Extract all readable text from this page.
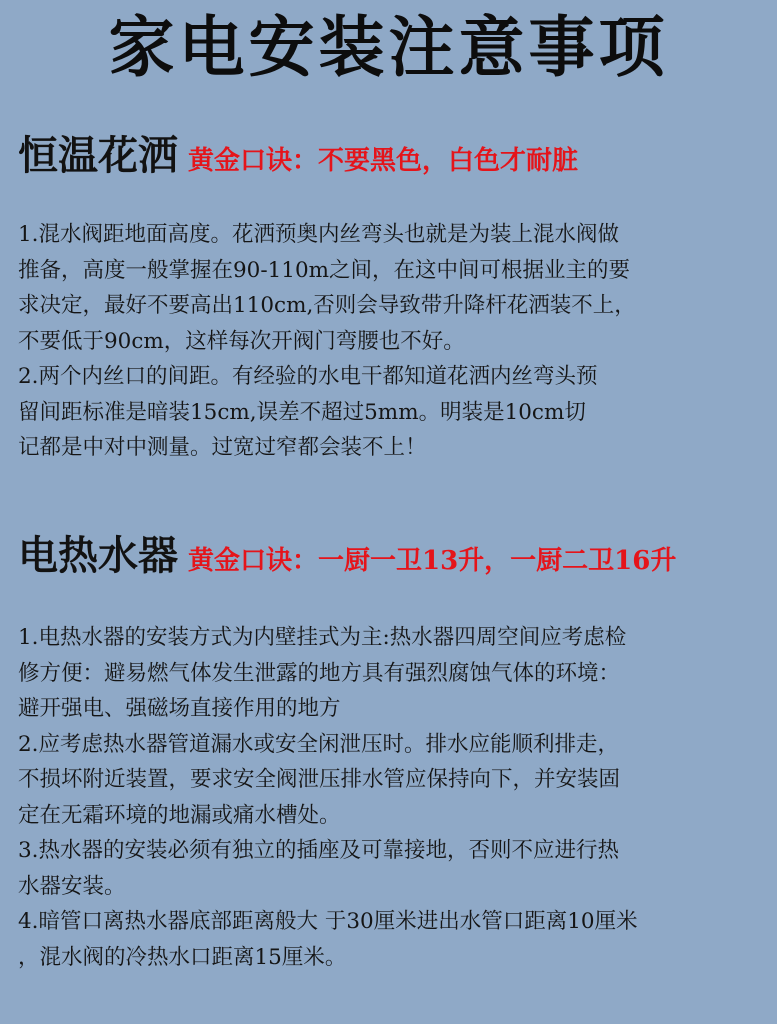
家电安装注意事项
恒温花洒 黄金口诀：不要黑色，白色才耐脏
1.混水阀距地面高度。花洒预奥内丝弯头也就是为装上混水阀做
推备，高度一般掌握在90-110m之间，在这中间可根据业主的要
求决定，最好不要高出110cm,否则会导致带升降杆花洒装不上，
不要低于90cm，这样每次开阀门弯腰也不好。
2.两个内丝口的间距。有经验的水电干都知道花洒内丝弯头预
留间距标准是暗装15cm,误差不超过5mm。明装是10cm切
记都是中对中测量。过宽过窄都会装不上！
电热水器 黄金口诀：一厨一卫13升，一厨二卫16升
1.电热水器的安装方式为内壁挂式为主:热水器四周空间应考虑检
修方便：避易燃气体发生泄露的地方具有强烈腐蚀气体的环境：
避开强电、强磁场直接作用的地方
2.应考虑热水器管道漏水或安全闲泄压时。排水应能顺利排走，
不损坏附近装置，要求安全阀泄压排水管应保持向下，并安装固
定在无霜环境的地漏或痛水槽处。
3.热水器的安装必须有独立的插座及可靠接地，否则不应进行热
水器安装。
4.暗管口离热水器底部距离般大 于30厘米进出水管口距离10厘米
，混水阀的冷热水口距离15厘米。
